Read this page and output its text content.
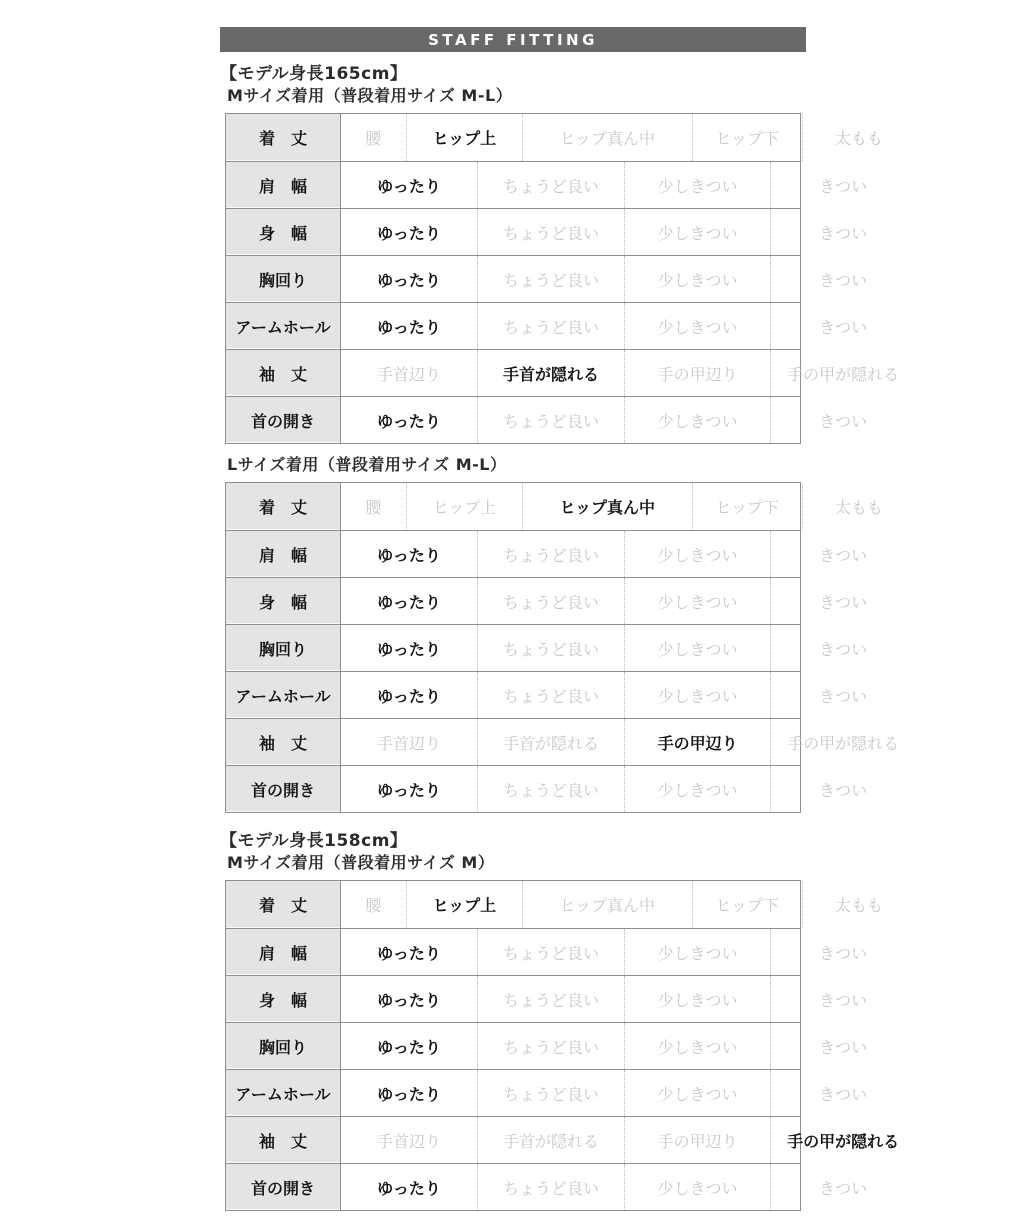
STAFF FITTING
【モデル身長165cm】
Mサイズ着用（普段着用サイズ M-L）
着　丈	腰	ヒップ上	ヒップ真ん中	ヒップ下	太もも
肩　幅	ゆったり	ちょうど良い	少しきつい	きつい
身　幅	ゆったり	ちょうど良い	少しきつい	きつい
胸回り	ゆったり	ちょうど良い	少しきつい	きつい
アームホール	ゆったり	ちょうど良い	少しきつい	きつい
袖　丈	手首辺り	手首が隠れる	手の甲辺り	手の甲が隠れる
首の開き	ゆったり	ちょうど良い	少しきつい	きつい
Lサイズ着用（普段着用サイズ M-L）
着　丈	腰	ヒップ上	ヒップ真ん中	ヒップ下	太もも
肩　幅	ゆったり	ちょうど良い	少しきつい	きつい
身　幅	ゆったり	ちょうど良い	少しきつい	きつい
胸回り	ゆったり	ちょうど良い	少しきつい	きつい
アームホール	ゆったり	ちょうど良い	少しきつい	きつい
袖　丈	手首辺り	手首が隠れる	手の甲辺り	手の甲が隠れる
首の開き	ゆったり	ちょうど良い	少しきつい	きつい
【モデル身長158cm】
Mサイズ着用（普段着用サイズ M）
着　丈	腰	ヒップ上	ヒップ真ん中	ヒップ下	太もも
肩　幅	ゆったり	ちょうど良い	少しきつい	きつい
身　幅	ゆったり	ちょうど良い	少しきつい	きつい
胸回り	ゆったり	ちょうど良い	少しきつい	きつい
アームホール	ゆったり	ちょうど良い	少しきつい	きつい
袖　丈	手首辺り	手首が隠れる	手の甲辺り	手の甲が隠れる
首の開き	ゆったり	ちょうど良い	少しきつい	きつい
